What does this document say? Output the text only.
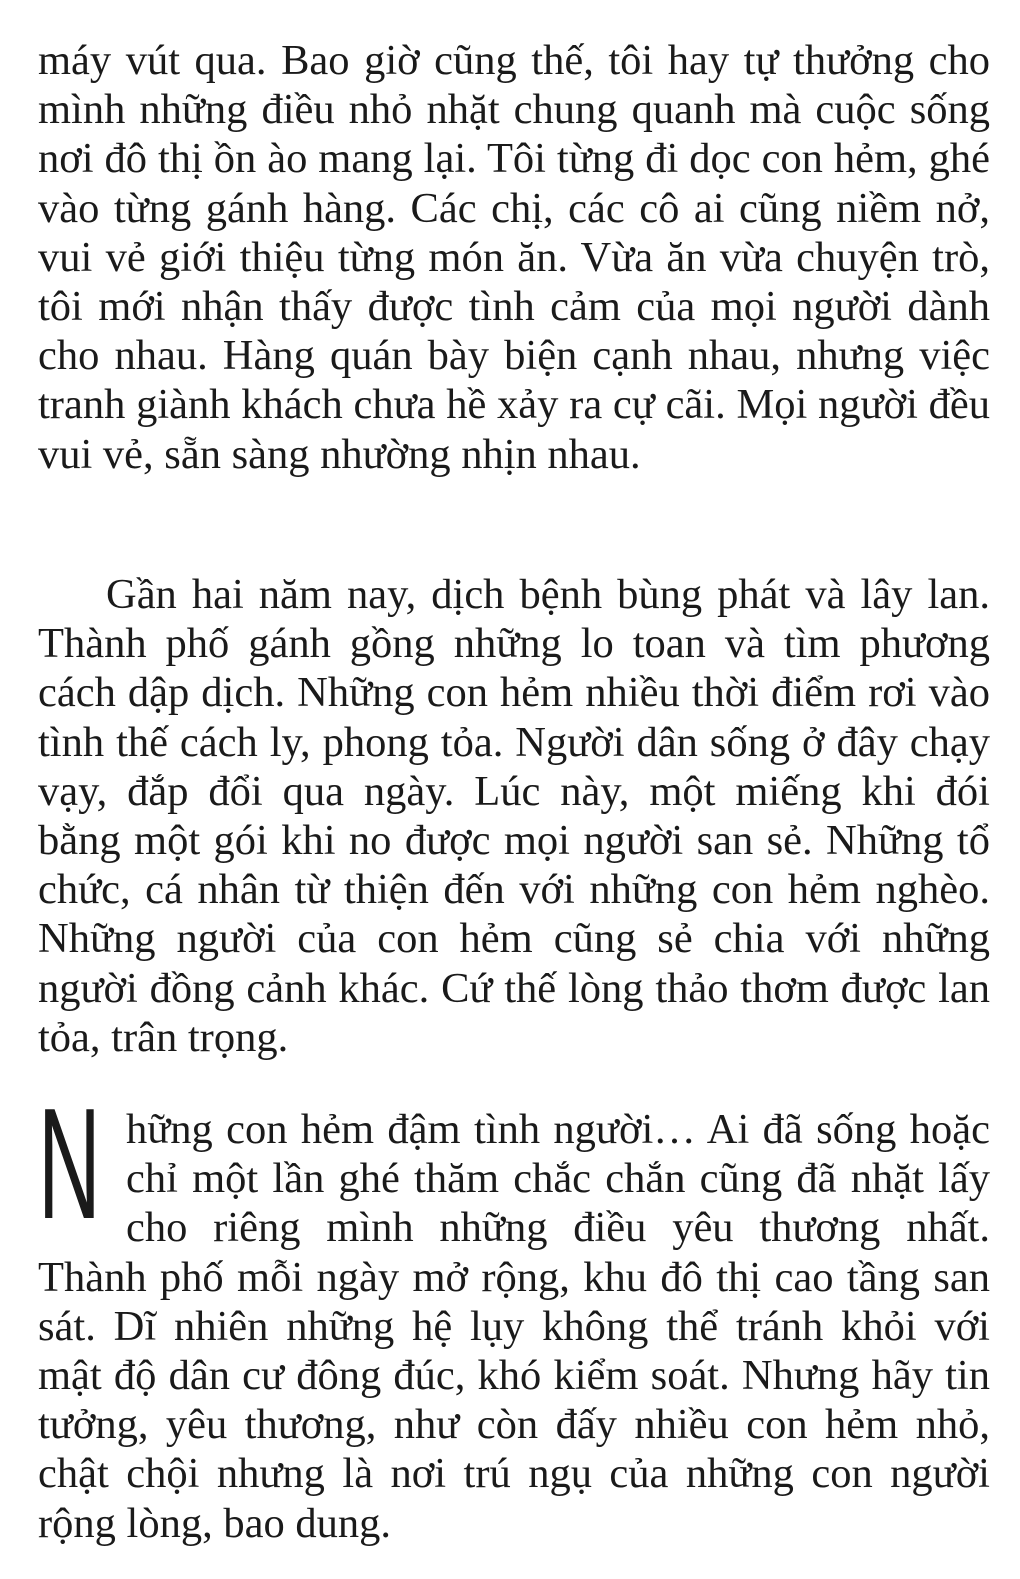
máy vút qua. Bao giờ cũng thế, tôi hay tự thưởng cho mình những điều nhỏ nhặt chung quanh mà cuộc sống nơi đô thị ồn ào mang lại. Tôi từng đi dọc con hẻm, ghé vào từng gánh hàng. Các chị, các cô ai cũng niềm nở, vui vẻ giới thiệu từng món ăn. Vừa ăn vừa chuyện trò, tôi mới nhận thấy được tình cảm của mọi người dành cho nhau. Hàng quán bày biện cạnh nhau, nhưng việc tranh giành khách chưa hề xảy ra cự cãi. Mọi người đều vui vẻ, sẵn sàng nhường nhịn nhau.

Gần hai năm nay, dịch bệnh bùng phát và lây lan. Thành phố gánh gồng những lo toan và tìm phương cách dập dịch. Những con hẻm nhiều thời điểm rơi vào tình thế cách ly, phong tỏa. Người dân sống ở đây chạy vạy, đắp đổi qua ngày. Lúc này, một miếng khi đói bằng một gói khi no được mọi người san sẻ. Những tổ chức, cá nhân từ thiện đến với những con hẻm nghèo. Những người của con hẻm cũng sẻ chia với những người đồng cảnh khác. Cứ thế lòng thảo thơm được lan tỏa, trân trọng.

N hững con hẻm đậm tình người… Ai đã sống hoặc chỉ một lần ghé thăm chắc chắn cũng đã nhặt lấy cho riêng mình những điều yêu thương nhất. Thành phố mỗi ngày mở rộng, khu đô thị cao tầng san sát. Dĩ nhiên những hệ lụy không thể tránh khỏi với mật độ dân cư đông đúc, khó kiểm soát. Nhưng hãy tin tưởng, yêu thương, như còn đấy nhiều con hẻm nhỏ, chật chội nhưng là nơi trú ngụ của những con người rộng lòng, bao dung.
